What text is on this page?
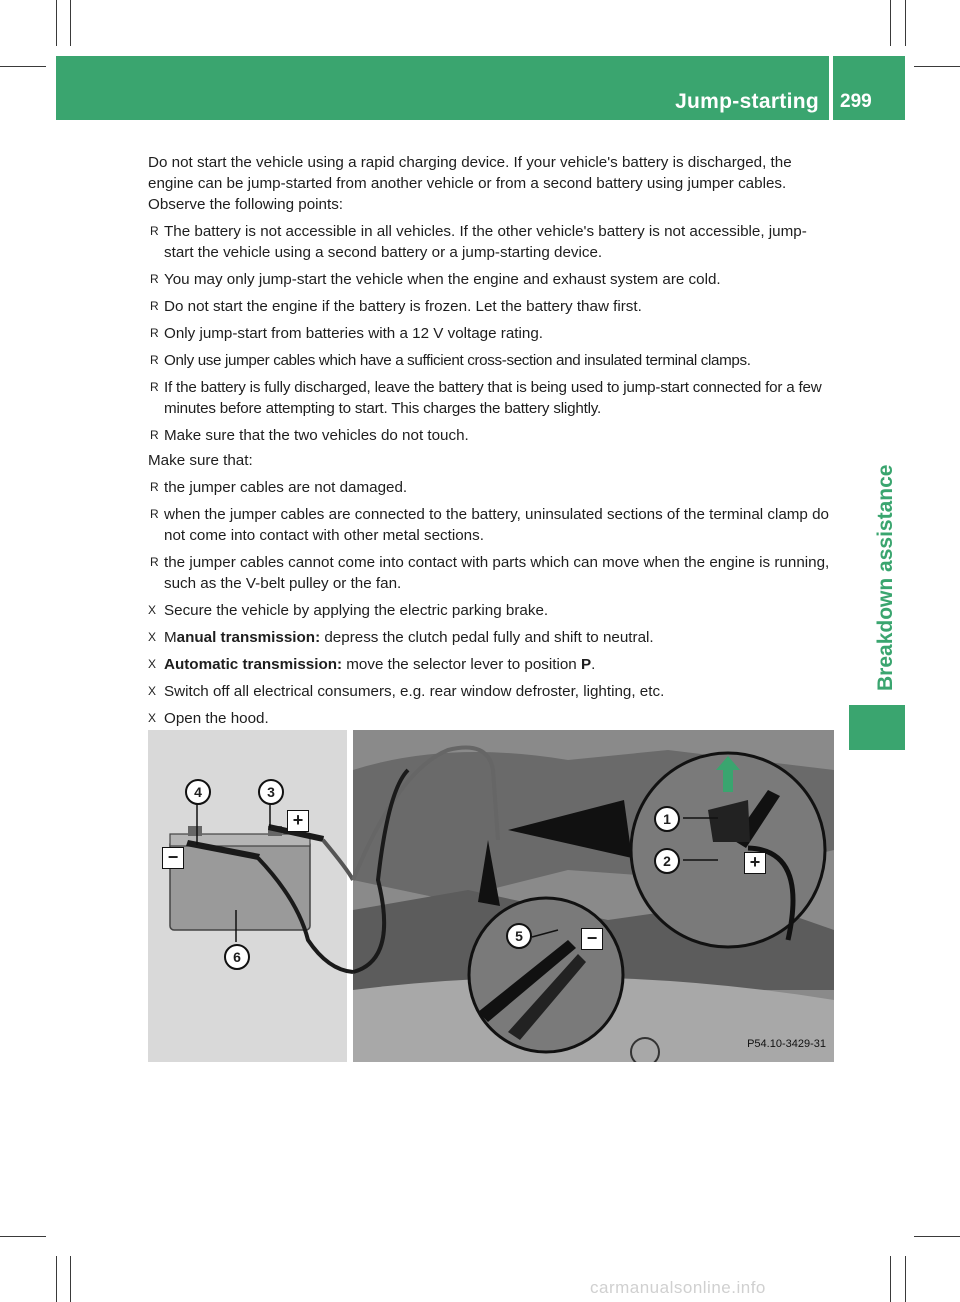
Jump-starting 299
Breakdown assistance

Do not start the vehicle using a rapid charging device. If your vehicle's battery is discharged, the engine can be jump-started from another vehicle or from a second battery using jumper cables. Observe the following points:

R The battery is not accessible in all vehicles. If the other vehicle's battery is not accessible, jump-start the vehicle using a second battery or a jump-starting device.
R You may only jump-start the vehicle when the engine and exhaust system are cold.
R Do not start the engine if the battery is frozen. Let the battery thaw first.
R Only jump-start from batteries with a 12 V voltage rating.
R Only use jumper cables which have a sufficient cross-section and insulated terminal clamps.
R If the battery is fully discharged, leave the battery that is being used to jump-start connected for a few minutes before attempting to start. This charges the battery slightly.
R Make sure that the two vehicles do not touch.

Make sure that:

R the jumper cables are not damaged.
R when the jumper cables are connected to the battery, uninsulated sections of the terminal clamp do not come into contact with other metal sections.
R the jumper cables cannot come into contact with parts which can move when the engine is running, such as the V-belt pulley or the fan.
X Secure the vehicle by applying the electric parking brake.
X Manual transmission: depress the clutch pedal fully and shift to neutral.
X Automatic transmission: move the selector lever to position P.
X Switch off all electrical consumers, e.g. rear window defroster, lighting, etc.
X Open the hood.
4	3
6
1
2
5
+
−	+
−
P54.10-3429-31
carmanualsonline.info
